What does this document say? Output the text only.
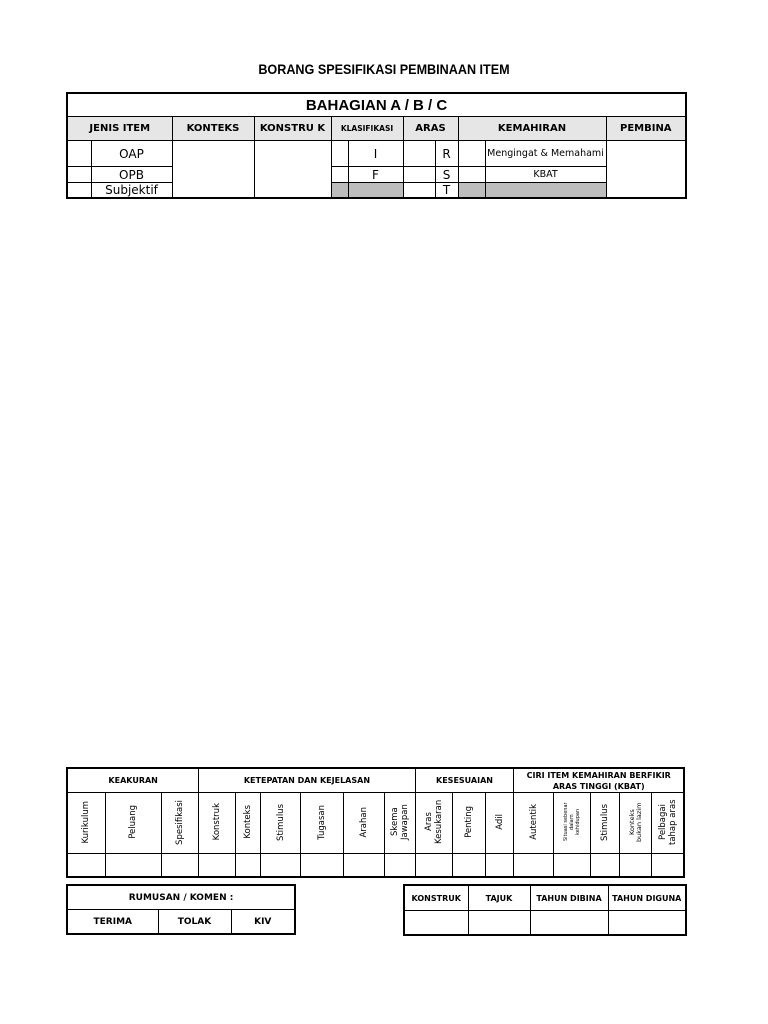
BORANG SPESIFIKASI PEMBINAAN ITEM
BAHAGIAN A / B / C										
JENIS ITEM		KONTEKS	KONSTRU K	KLASIFIKASI		ARAS		KEMAHIRAN		PEMBINA
	OAP				I		R		Mengingat & Memahami	
	OPB				F		S		KBAT	
	Subjektif						T			
KEAKURAN			KETEPATAN DAN KEJELASAN						KESESUAIAN			CIRI ITEM KEMAHIRAN BERFIKIR ARAS TINGGI (KBAT)				
Kurikulum	Peluang	Spesifikasi	Konstruk	Konteks	Stimulus	Tugasan	Arahan	Skema Jawapan	Aras Kesukaran	Penting	Adil	Autentik	Situasi sebenar dalam kehidupan	Stimulus	Konteks bukan lazim	Pelbagai tahap aras

RUMUSAN / KOMEN :
TERIMA	TOLAK	KIV
KONSTRUK	TAJUK	TAHUN DIBINA	TAHUN DIGUNA
